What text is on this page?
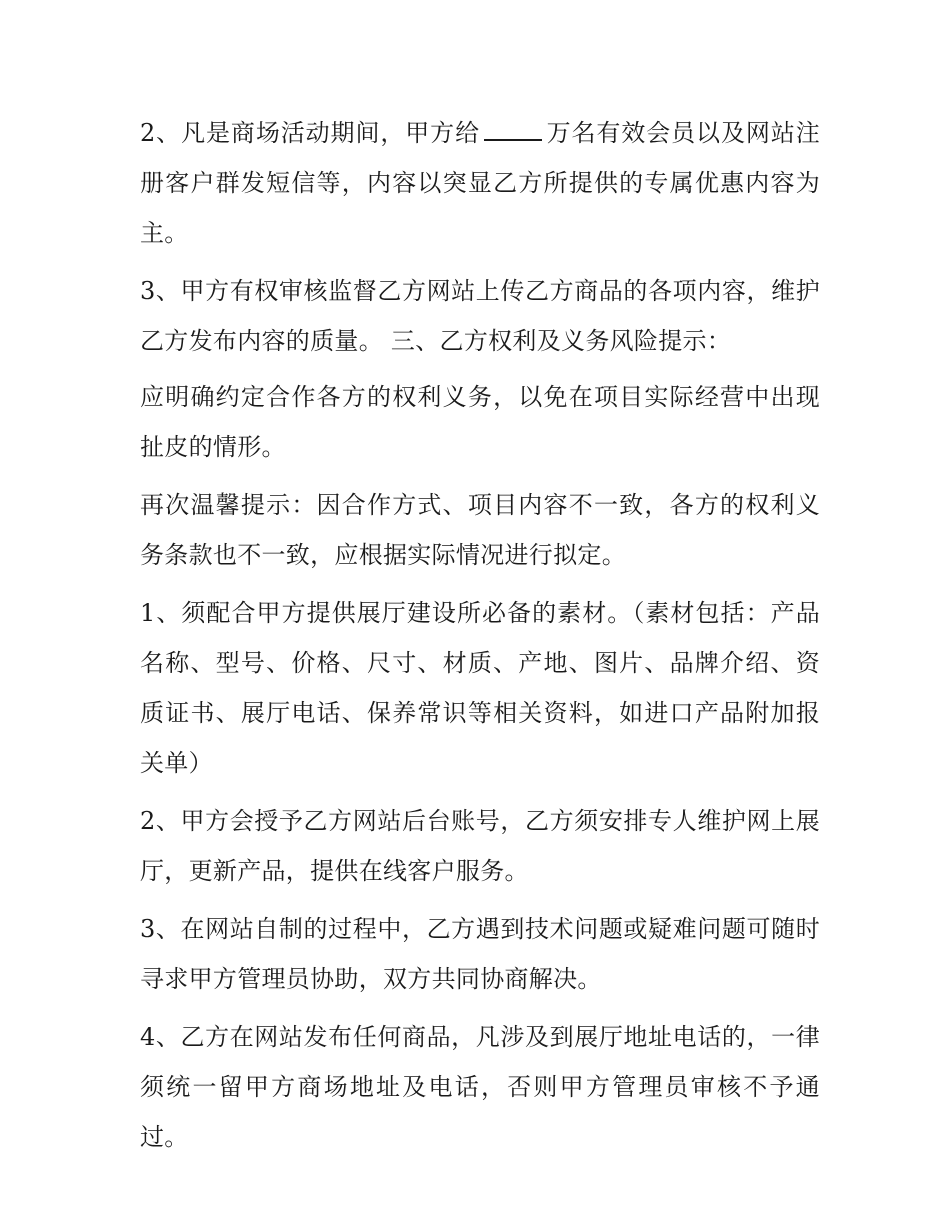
2、凡是商场活动期间，甲方给	万名有效会员以及网站注册客户群发短信等，内容以突显乙方所提供的专属优惠内容为主。

3、甲方有权审核监督乙方网站上传乙方商品的各项内容，维护乙方发布内容的质量。 三、乙方权利及义务风险提示：

应明确约定合作各方的权利义务，以免在项目实际经营中出现扯皮的情形。

再次温馨提示：因合作方式、项目内容不一致，各方的权利义务条款也不一致，应根据实际情况进行拟定。

1、须配合甲方提供展厅建设所必备的素材。（素材包括：产品名称、型号、价格、尺寸、材质、产地、图片、品牌介绍、资质证书、展厅电话、保养常识等相关资料，如进口产品附加报关单）

2、甲方会授予乙方网站后台账号，乙方须安排专人维护网上展厅，更新产品，提供在线客户服务。

3、在网站自制的过程中，乙方遇到技术问题或疑难问题可随时寻求甲方管理员协助，双方共同协商解决。

4、乙方在网站发布任何商品，凡涉及到展厅地址电话的，一律须统一留甲方商场地址及电话，否则甲方管理员审核不予通过。
